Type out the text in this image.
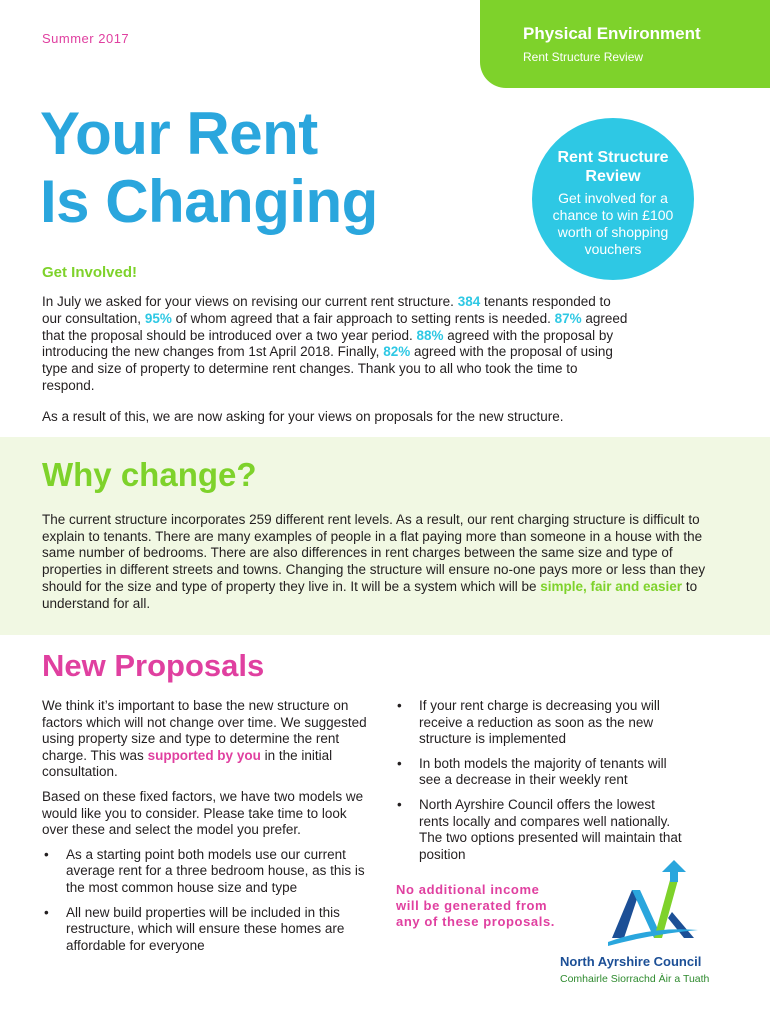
Summer 2017	Physical Environment
Rent Structure Review
Your Rent
Is Changing
Rent Structure Review
Get involved for a chance to win £100 worth of shopping vouchers
Get Involved!

In July we asked for your views on revising our current rent structure. 384 tenants responded to our consultation, 95% of whom agreed that a fair approach to setting rents is needed. 87% agreed that the proposal should be introduced over a two year period. 88% agreed with the proposal by introducing the new changes from 1st April 2018. Finally, 82% agreed with the proposal of using type and size of property to determine rent changes. Thank you to all who took the time to respond.

As a result of this, we are now asking for your views on proposals for the new structure.

Why change?

The current structure incorporates 259 different rent levels. As a result, our rent charging structure is difficult to explain to tenants. There are many examples of people in a flat paying more than someone in a house with the same number of bedrooms. There are also differences in rent charges between the same size and type of properties in different streets and towns. Changing the structure will ensure no-one pays more or less than they should for the size and type of property they live in. It will be a system which will be simple, fair and easier to understand for all.

New Proposals

We think it’s important to base the new structure on factors which will not change over time. We suggested using property size and type to determine the rent charge. This was supported by you in the initial consultation.

Based on these fixed factors, we have two models we would like you to consider. Please take time to look over these and select the model you prefer.

• As a starting point both models use our current average rent for a three bedroom house, as this is the most common house size and type
• All new build properties will be included in this restructure, which will ensure these homes are affordable for everyone
• If your rent charge is decreasing you will receive a reduction as soon as the new structure is implemented
• In both models the majority of tenants will see a decrease in their weekly rent
• North Ayrshire Council offers the lowest rents locally and compares well nationally. The two options presented will maintain that position
No additional income will be generated from any of these proposals.
North Ayrshire Council
Comhairle Siorrachd Àir a Tuath
